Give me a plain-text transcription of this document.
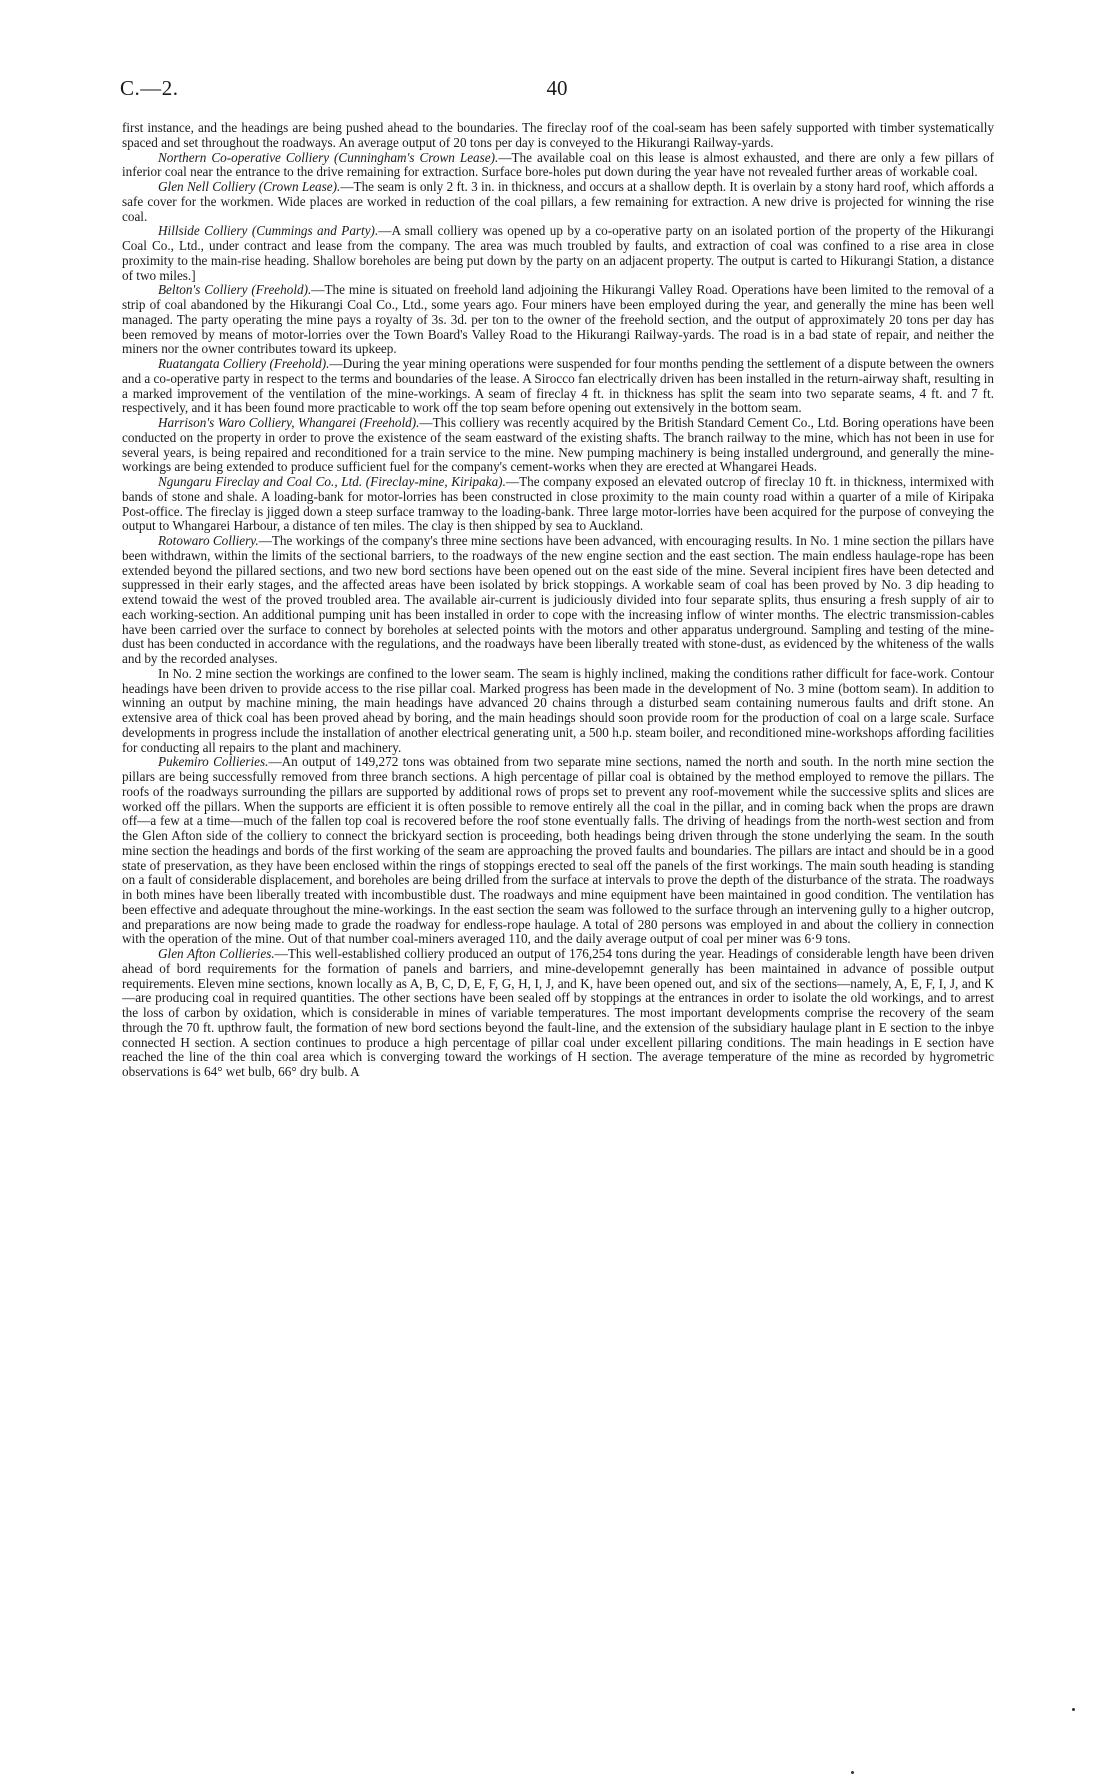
C.—2.	40

first instance, and the headings are being pushed ahead to the boundaries. The fireclay roof of the coal-seam has been safely supported with timber systematically spaced and set throughout the roadways. An average output of 20 tons per day is conveyed to the Hikurangi Railway-yards.

Northern Co-operative Colliery (Cunningham's Crown Lease).—The available coal on this lease is almost exhausted, and there are only a few pillars of inferior coal near the entrance to the drive remaining for extraction. Surface bore-holes put down during the year have not revealed further areas of workable coal.

Glen Nell Colliery (Crown Lease).—The seam is only 2 ft. 3 in. in thickness, and occurs at a shallow depth. It is overlain by a stony hard roof, which affords a safe cover for the workmen. Wide places are worked in reduction of the coal pillars, a few remaining for extraction. A new drive is projected for winning the rise coal.

Hillside Colliery (Cummings and Party).—A small colliery was opened up by a co-operative party on an isolated portion of the property of the Hikurangi Coal Co., Ltd., under contract and lease from the company. The area was much troubled by faults, and extraction of coal was confined to a rise area in close proximity to the main-rise heading. Shallow boreholes are being put down by the party on an adjacent property. The output is carted to Hikurangi Station, a distance of two miles.]

Belton's Colliery (Freehold).—The mine is situated on freehold land adjoining the Hikurangi Valley Road. Operations have been limited to the removal of a strip of coal abandoned by the Hikurangi Coal Co., Ltd., some years ago. Four miners have been employed during the year, and generally the mine has been well managed. The party operating the mine pays a royalty of 3s. 3d. per ton to the owner of the freehold section, and the output of approximately 20 tons per day has been removed by means of motor-lorries over the Town Board's Valley Road to the Hikurangi Railway-yards. The road is in a bad state of repair, and neither the miners nor the owner contributes toward its upkeep.

Ruatangata Colliery (Freehold).—During the year mining operations were suspended for four months pending the settlement of a dispute between the owners and a co-operative party in respect to the terms and boundaries of the lease. A Sirocco fan electrically driven has been installed in the return-airway shaft, resulting in a marked improvement of the ventilation of the mine-workings. A seam of fireclay 4 ft. in thickness has split the seam into two separate seams, 4 ft. and 7 ft. respectively, and it has been found more practicable to work off the top seam before opening out extensively in the bottom seam.

Harrison's Waro Colliery, Whangarei (Freehold).—This colliery was recently acquired by the British Standard Cement Co., Ltd. Boring operations have been conducted on the property in order to prove the existence of the seam eastward of the existing shafts. The branch railway to the mine, which has not been in use for several years, is being repaired and reconditioned for a train service to the mine. New pumping machinery is being installed underground, and generally the mine-workings are being extended to produce sufficient fuel for the company's cement-works when they are erected at Whangarei Heads.

Ngungaru Fireclay and Coal Co., Ltd. (Fireclay-mine, Kiripaka).—The company exposed an elevated outcrop of fireclay 10 ft. in thickness, intermixed with bands of stone and shale. A loading-bank for motor-lorries has been constructed in close proximity to the main county road within a quarter of a mile of Kiripaka Post-office. The fireclay is jigged down a steep surface tramway to the loading-bank. Three large motor-lorries have been acquired for the purpose of conveying the output to Whangarei Harbour, a distance of ten miles. The clay is then shipped by sea to Auckland.

Rotowaro Colliery.—The workings of the company's three mine sections have been advanced, with encouraging results. In No. 1 mine section the pillars have been withdrawn, within the limits of the sectional barriers, to the roadways of the new engine section and the east section. The main endless haulage-rope has been extended beyond the pillared sections, and two new bord sections have been opened out on the east side of the mine. Several incipient fires have been detected and suppressed in their early stages, and the affected areas have been isolated by brick stoppings. A workable seam of coal has been proved by No. 3 dip heading to extend towaid the west of the proved troubled area. The available air-current is judiciously divided into four separate splits, thus ensuring a fresh supply of air to each working-section. An additional pumping unit has been installed in order to cope with the increasing inflow of winter months. The electric transmission-cables have been carried over the surface to connect by boreholes at selected points with the motors and other apparatus underground. Sampling and testing of the mine-dust has been conducted in accordance with the regulations, and the roadways have been liberally treated with stone-dust, as evidenced by the whiteness of the walls and by the recorded analyses.

In No. 2 mine section the workings are confined to the lower seam. The seam is highly inclined, making the conditions rather difficult for face-work. Contour headings have been driven to provide access to the rise pillar coal. Marked progress has been made in the development of No. 3 mine (bottom seam). In addition to winning an output by machine mining, the main headings have advanced 20 chains through a disturbed seam containing numerous faults and drift stone. An extensive area of thick coal has been proved ahead by boring, and the main headings should soon provide room for the production of coal on a large scale. Surface developments in progress include the installation of another electrical generating unit, a 500 h.p. steam boiler, and reconditioned mine-workshops affording facilities for conducting all repairs to the plant and machinery.

Pukemiro Collieries.—An output of 149,272 tons was obtained from two separate mine sections, named the north and south. In the north mine section the pillars are being successfully removed from three branch sections. A high percentage of pillar coal is obtained by the method employed to remove the pillars. The roofs of the roadways surrounding the pillars are supported by additional rows of props set to prevent any roof-movement while the successive splits and slices are worked off the pillars. When the supports are efficient it is often possible to remove entirely all the coal in the pillar, and in coming back when the props are drawn off—a few at a time—much of the fallen top coal is recovered before the roof stone eventually falls. The driving of headings from the north-west section and from the Glen Afton side of the colliery to connect the brickyard section is proceeding, both headings being driven through the stone underlying the seam. In the south mine section the headings and bords of the first working of the seam are approaching the proved faults and boundaries. The pillars are intact and should be in a good state of preservation, as they have been enclosed within the rings of stoppings erected to seal off the panels of the first workings. The main south heading is standing on a fault of considerable displacement, and boreholes are being drilled from the surface at intervals to prove the depth of the disturbance of the strata. The roadways in both mines have been liberally treated with incombustible dust. The roadways and mine equipment have been maintained in good condition. The ventilation has been effective and adequate throughout the mine-workings. In the east section the seam was followed to the surface through an intervening gully to a higher outcrop, and preparations are now being made to grade the roadway for endless-rope haulage. A total of 280 persons was employed in and about the colliery in connection with the operation of the mine. Out of that number coal-miners averaged 110, and the daily average output of coal per miner was 6·9 tons.

Glen Afton Collieries.—This well-established colliery produced an output of 176,254 tons during the year. Headings of considerable length have been driven ahead of bord requirements for the formation of panels and barriers, and mine-developemnt generally has been maintained in advance of possible output requirements. Eleven mine sections, known locally as A, B, C, D, E, F, G, H, I, J, and K, have been opened out, and six of the sections—namely, A, E, F, I, J, and K—are producing coal in required quantities. The other sections have been sealed off by stoppings at the entrances in order to isolate the old workings, and to arrest the loss of carbon by oxidation, which is considerable in mines of variable temperatures. The most important developments comprise the recovery of the seam through the 70 ft. upthrow fault, the formation of new bord sections beyond the fault-line, and the extension of the subsidiary haulage plant in E section to the inbye connected H section. A section continues to produce a high percentage of pillar coal under excellent pillaring conditions. The main headings in E section have reached the line of the thin coal area which is converging toward the workings of H section. The average temperature of the mine as recorded by hygrometric observations is 64° wet bulb, 66° dry bulb. A
